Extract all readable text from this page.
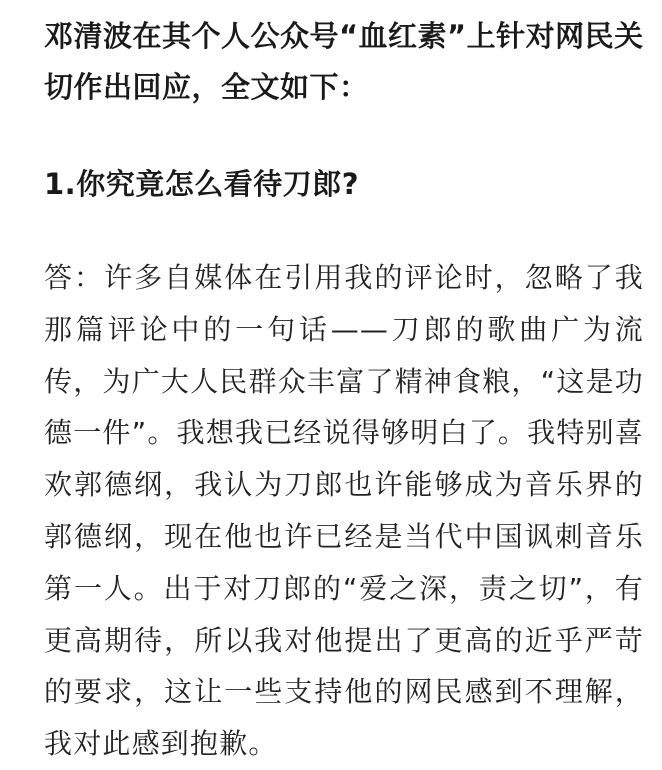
邓清波在其个人公众号“血红素”上针对网民关切作出回应，全文如下：

1.你究竟怎么看待刀郎?

答：许多自媒体在引用我的评论时，忽略了我那篇评论中的一句话——刀郎的歌曲广为流传，为广大人民群众丰富了精神食粮，“这是功德一件”。我想我已经说得够明白了。我特别喜欢郭德纲，我认为刀郎也许能够成为音乐界的郭德纲，现在他也许已经是当代中国讽刺音乐第一人。出于对刀郎的“爱之深，责之切”，有更高期待，所以我对他提出了更高的近乎严苛的要求，这让一些支持他的网民感到不理解，我对此感到抱歉。
